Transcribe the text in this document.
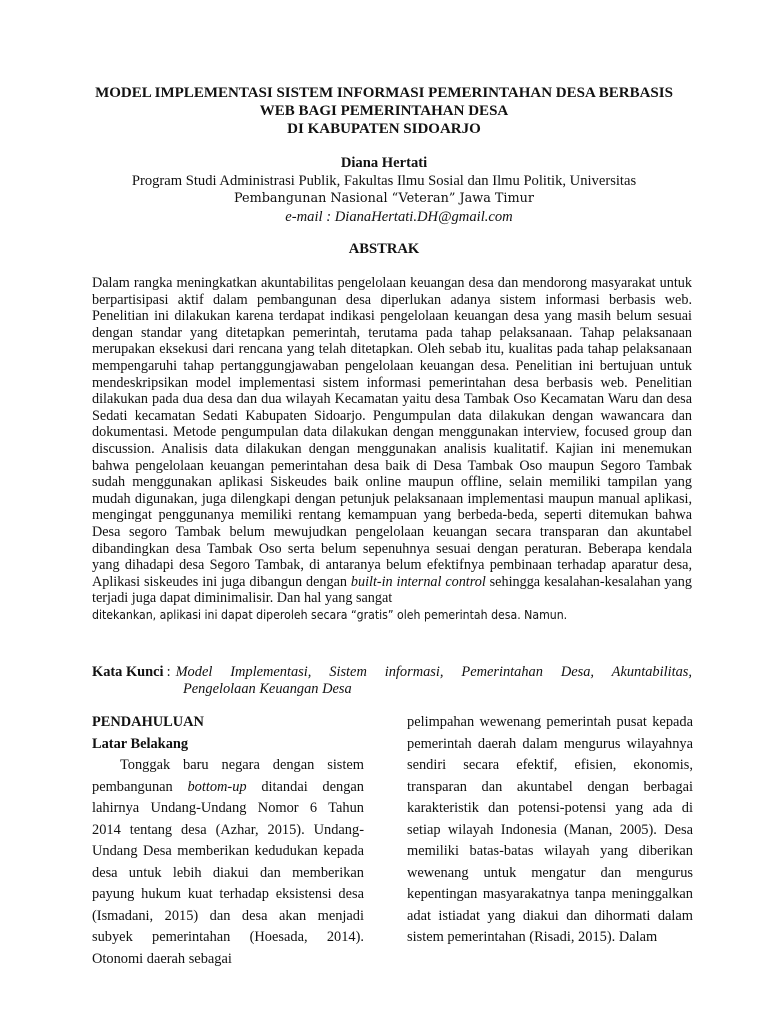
MODEL IMPLEMENTASI SISTEM INFORMASI PEMERINTAHAN DESA BERBASIS
WEB BAGI PEMERINTAHAN DESA
DI KABUPATEN SIDOARJO
Diana Hertati
Program Studi Administrasi Publik, Fakultas Ilmu Sosial dan Ilmu Politik, Universitas
Pembangunan Nasional “Veteran” Jawa Timur
e-mail : DianaHertati.DH@gmail.com
ABSTRAK

Dalam rangka meningkatkan akuntabilitas pengelolaan keuangan desa dan mendorong masyarakat untuk berpartisipasi aktif dalam pembangunan desa diperlukan adanya sistem informasi berbasis web. Penelitian ini dilakukan karena terdapat indikasi pengelolaan keuangan desa yang masih belum sesuai dengan standar yang ditetapkan pemerintah, terutama pada tahap pelaksanaan. Tahap pelaksanaan merupakan eksekusi dari rencana yang telah ditetapkan. Oleh sebab itu, kualitas pada tahap pelaksanaan mempengaruhi tahap pertanggungjawaban pengelolaan keuangan desa. Penelitian ini bertujuan untuk mendeskripsikan model implementasi sistem informasi pemerintahan desa berbasis web. Penelitian dilakukan pada dua desa dan dua wilayah Kecamatan yaitu desa Tambak Oso Kecamatan Waru dan desa Sedati kecamatan Sedati Kabupaten Sidoarjo. Pengumpulan data dilakukan dengan wawancara dan dokumentasi. Metode pengumpulan data dilakukan dengan menggunakan interview, focused group dan discussion. Analisis data dilakukan dengan menggunakan analisis kualitatif. Kajian ini menemukan bahwa pengelolaan keuangan pemerintahan desa baik di Desa Tambak Oso maupun Segoro Tambak sudah menggunakan aplikasi Siskeudes baik online maupun offline, selain memiliki tampilan yang mudah digunakan, juga dilengkapi dengan petunjuk pelaksanaan implementasi maupun manual aplikasi, mengingat penggunanya memiliki rentang kemampuan yang berbeda-beda, seperti ditemukan bahwa Desa segoro Tambak belum mewujudkan pengelolaan keuangan secara transparan dan akuntabel dibandingkan desa Tambak Oso serta belum sepenuhnya sesuai dengan peraturan. Beberapa kendala yang dihadapi desa Segoro Tambak, di antaranya belum efektifnya pembinaan terhadap aparatur desa, Aplikasi siskeudes ini juga dibangun dengan built-in internal control sehingga kesalahan-kesalahan yang terjadi juga dapat diminimalisir. Dan hal yang sangat
ditekankan, aplikasi ini dapat diperoleh secara “gratis” oleh pemerintah desa. Namun.

Kata Kunci : Model Implementasi, Sistem informasi, Pemerintahan Desa, Akuntabilitas,
Pengelolaan Keuangan Desa
PENDAHULUAN
Latar Belakang

Tonggak baru negara dengan sistem pembangunan bottom-up ditandai dengan lahirnya Undang-Undang Nomor 6 Tahun 2014 tentang desa (Azhar, 2015). Undang-Undang Desa memberikan kedudukan kepada desa untuk lebih diakui dan memberikan payung hukum kuat terhadap eksistensi desa (Ismadani, 2015) dan desa akan menjadi subyek pemerintahan (Hoesada, 2014). Otonomi daerah sebagai

pelimpahan wewenang pemerintah pusat kepada pemerintah daerah dalam mengurus wilayahnya sendiri secara efektif, efisien, ekonomis, transparan dan akuntabel dengan berbagai karakteristik dan potensi-potensi yang ada di setiap wilayah Indonesia (Manan, 2005). Desa memiliki batas-batas wilayah yang diberikan wewenang untuk mengatur dan mengurus kepentingan masyarakatnya tanpa meninggalkan adat istiadat yang diakui dan dihormati dalam sistem pemerintahan (Risadi, 2015). Dalam
